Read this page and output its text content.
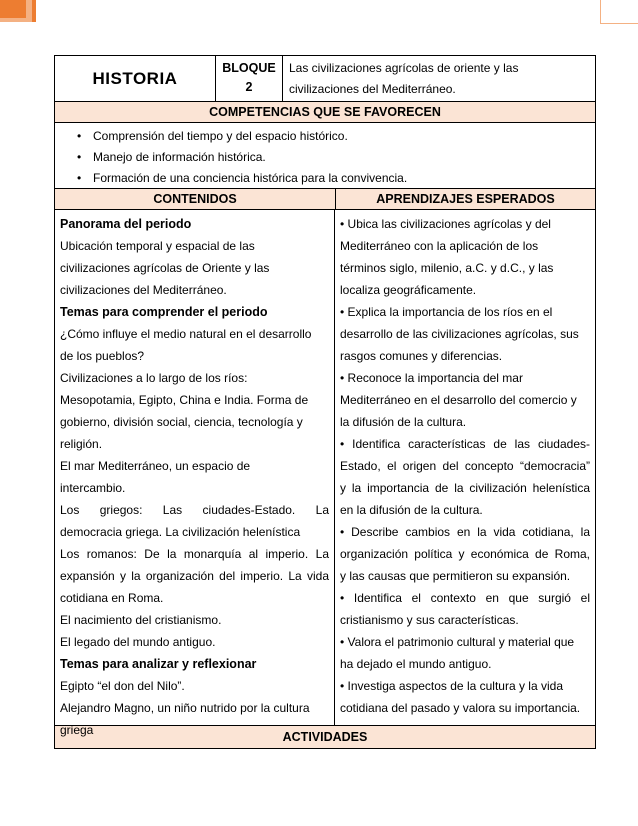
HISTORIA
BLOQUE
2
Las civilizaciones agrícolas de oriente y las
civilizaciones del Mediterráneo.
COMPETENCIAS QUE SE FAVORECEN
• Comprensión del tiempo y del espacio histórico.
• Manejo de información histórica.
• Formación de una conciencia histórica para la convivencia.
CONTENIDOS	APRENDIZAJES ESPERADOS
Panorama del periodo
Ubicación temporal y espacial de las
civilizaciones agrícolas de Oriente y las
civilizaciones del Mediterráneo.
Temas para comprender el periodo
¿Cómo influye el medio natural en el desarrollo
de los pueblos?
Civilizaciones a lo largo de los ríos:
Mesopotamia, Egipto, China e India. Forma de
gobierno, división social, ciencia, tecnología y
religión.
El mar Mediterráneo, un espacio de
intercambio.
Los griegos: Las ciudades-Estado. La
democracia griega. La civilización helenística
Los romanos: De la monarquía al imperio. La
expansión y la organización del imperio. La vida
cotidiana en Roma.
El nacimiento del cristianismo.
El legado del mundo antiguo.
Temas para analizar y reflexionar
Egipto “el don del Nilo”.
Alejandro Magno, un niño nutrido por la cultura
griega
• Ubica las civilizaciones agrícolas y del
Mediterráneo con la aplicación de los
términos siglo, milenio, a.C. y d.C., y las
localiza geográficamente.
• Explica la importancia de los ríos en el
desarrollo de las civilizaciones agrícolas, sus
rasgos comunes y diferencias.
• Reconoce la importancia del mar
Mediterráneo en el desarrollo del comercio y
la difusión de la cultura.
• Identifica características de las ciudades-
Estado, el origen del concepto “democracia”
y la importancia de la civilización helenística
en la difusión de la cultura.
• Describe cambios en la vida cotidiana, la
organización política y económica de Roma,
y las causas que permitieron su expansión.
• Identifica el contexto en que surgió el
cristianismo y sus características.
• Valora el patrimonio cultural y material que
ha dejado el mundo antiguo.
• Investiga aspectos de la cultura y la vida
cotidiana del pasado y valora su importancia.
ACTIVIDADES
